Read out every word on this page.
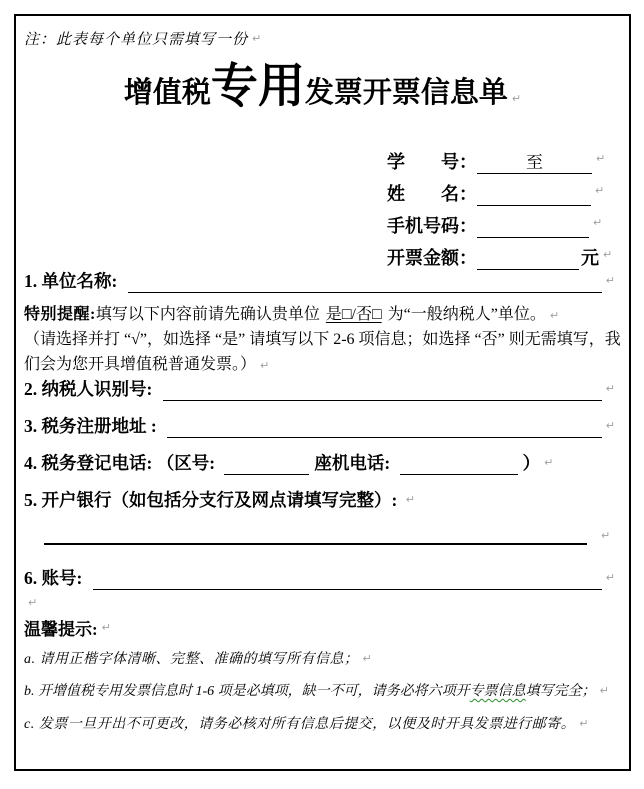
注：此表每个单位只需填写一份 ↵
增值税专用发票开票信息单 ↵
学　　号：	至	↵
姓　　名：	↵
手机号码：	↵
开票金额：	元 ↵
1. 单位名称:	↵
特别提醒:填写以下内容前请先确认贵单位 是□/否□ 为“一般纳税人”单位。 ↵
（请选择并打 “√”，如选择 “是” 请填写以下 2-6 项信息；如选择 “否” 则无需填写，我们会为您开具增值税普通发票。） ↵
2. 纳税人识别号:	↵
3. 税务注册地址 :	↵
4. 税务登记电话: （区号:	座机电话:	） ↵
5. 开户银行（如包括分支行及网点请填写完整）: ↵
↵
6. 账号:	↵
↵
温馨提示: ↵
a. 请用正楷字体清晰、完整、准确的填写所有信息； ↵
b. 开增值税专用发票信息时 1-6 项是必填项，缺一不可，请务必将六项开 专票信息 填写完全； ↵
c. 发票一旦开出不可更改，请务必核对所有信息后提交，以便及时开具发票进行邮寄。 ↵
